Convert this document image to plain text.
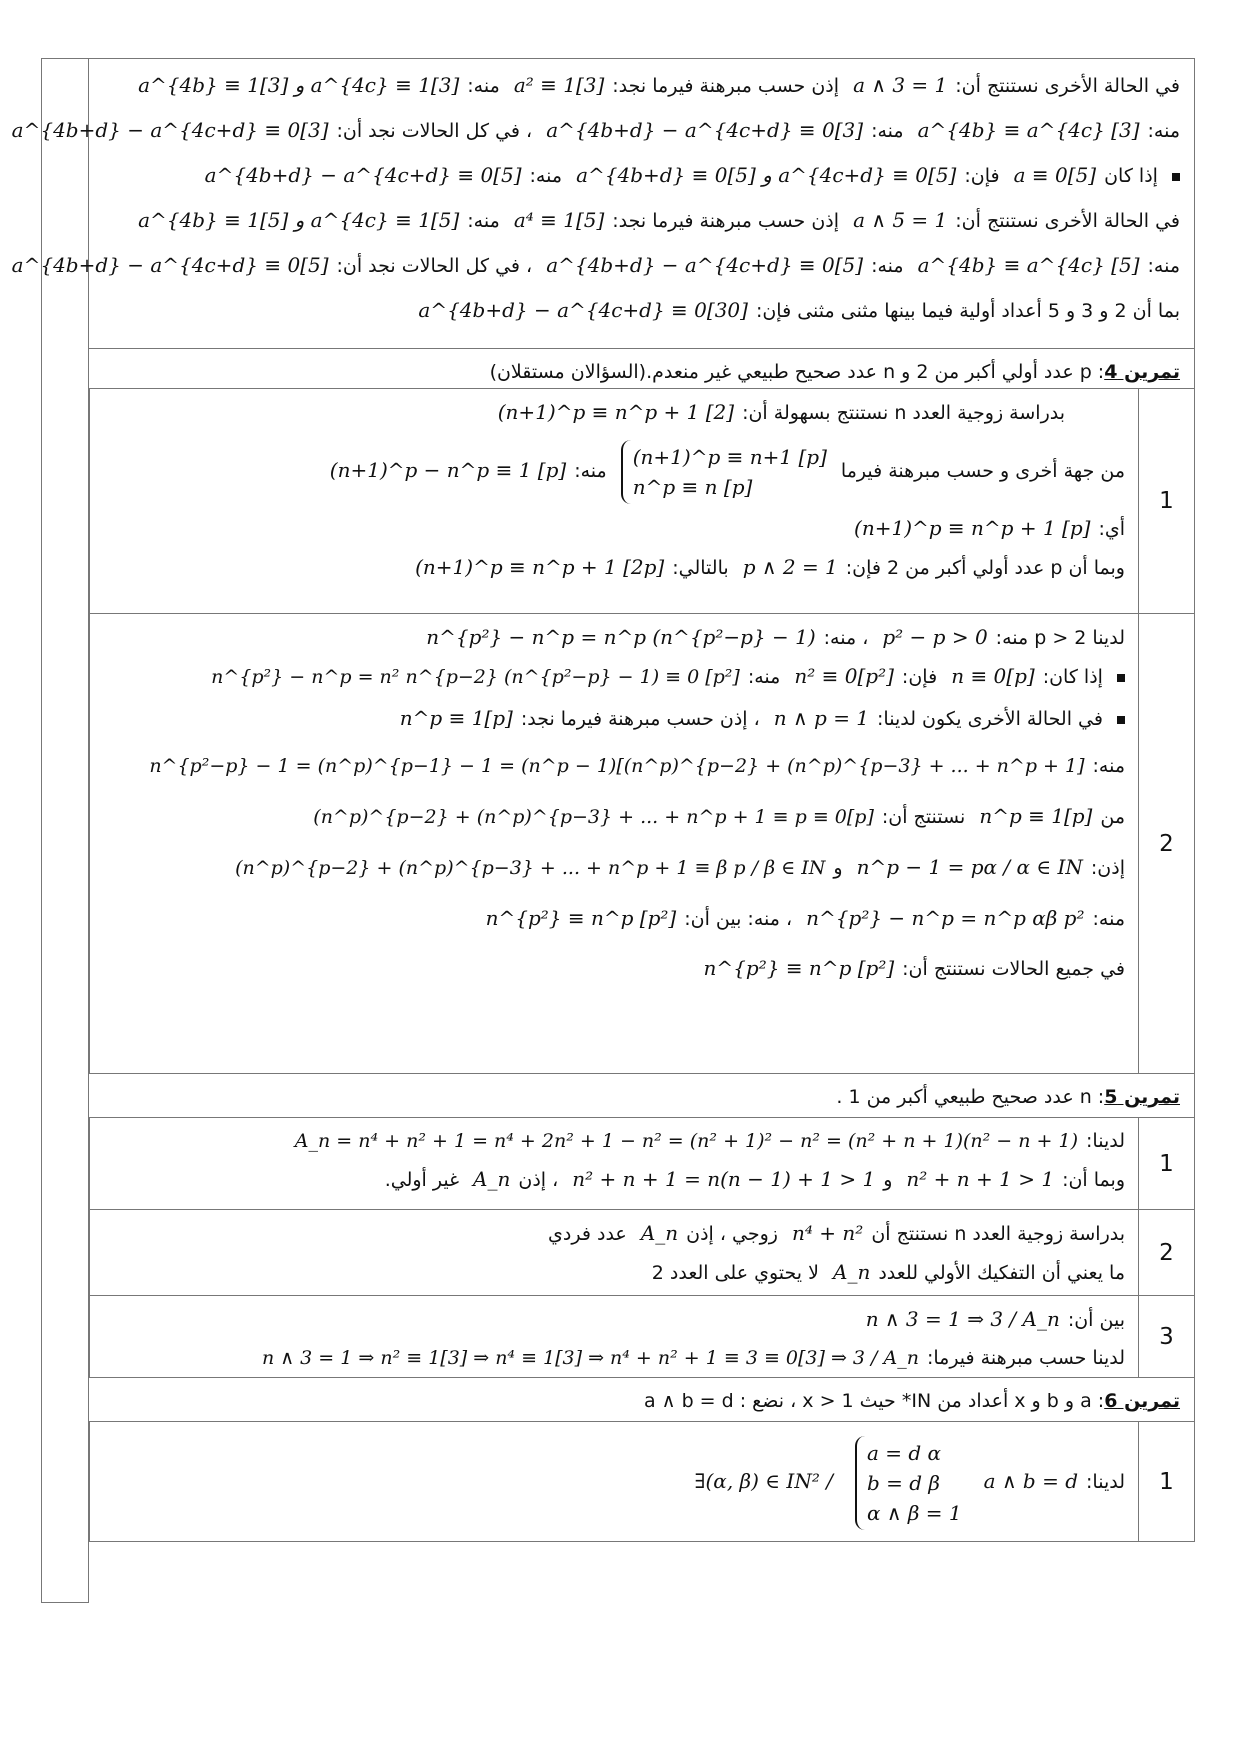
في الحالة الأخرى نستنتج أن:a ∧ 3 = 1 إذن حسب مبرهنة فيرما نجد:a² ≡ 1[3] منه:a^{4b} ≡ 1[3] و a^{4c} ≡ 1[3]
منه:a^{4b} ≡ a^{4c} [3] منه:a^{4b+d} − a^{4c+d} ≡ 0[3] ، في كل الحالات نجد أن:a^{4b+d} − a^{4c+d} ≡ 0[3]
إذا كانa ≡ 0[5] فإن:a^{4b+d} ≡ 0[5] و a^{4c+d} ≡ 0[5] منه:a^{4b+d} − a^{4c+d} ≡ 0[5]
في الحالة الأخرى نستنتج أن:a ∧ 5 = 1 إذن حسب مبرهنة فيرما نجد:a⁴ ≡ 1[5] منه:a^{4b} ≡ 1[5] و a^{4c} ≡ 1[5]
منه:a^{4b} ≡ a^{4c} [5] منه:a^{4b+d} − a^{4c+d} ≡ 0[5] ، في كل الحالات نجد أن:a^{4b+d} − a^{4c+d} ≡ 0[5]
بما أن 2 و 3 و 5 أعداد أولية فيما بينها مثنى مثنى فإن:a^{4b+d} − a^{4c+d} ≡ 0[30]
تمرين 4: p عدد أولي أكبر من 2 و n عدد صحيح طبيعي غير منعدم.(السؤالان مستقلان)
1
بدراسة زوجية العدد n نستنتج بسهولة أن:(n+1)^p ≡ n^p + 1 [2]
من جهة أخرى و حسب مبرهنة فيرما (n+1)^p ≡ n+1 [p]
n^p ≡ n [p] منه:(n+1)^p − n^p ≡ 1 [p]
أي:(n+1)^p ≡ n^p + 1 [p]
وبما أن p عدد أولي أكبر من 2 فإن:p ∧ 2 = 1 بالتالي:(n+1)^p ≡ n^p + 1 [2p]
2
لدينا p > 2 منه:p² − p > 0 ، منه:n^{p²} − n^p = n^p (n^{p²−p} − 1)
إذا كان:n ≡ 0[p] فإن:n² ≡ 0[p²] منه:n^{p²} − n^p = n² n^{p−2} (n^{p²−p} − 1) ≡ 0 [p²]
في الحالة الأخرى يكون لدينا:n ∧ p = 1 ، إذن حسب مبرهنة فيرما نجد:n^p ≡ 1[p]
منه:n^{p²−p} − 1 = (n^p)^{p−1} − 1 = (n^p − 1)[(n^p)^{p−2} + (n^p)^{p−3} + ... + n^p + 1]
منn^p ≡ 1[p] نستنتج أن:(n^p)^{p−2} + (n^p)^{p−3} + ... + n^p + 1 ≡ p ≡ 0[p]
إذن:n^p − 1 = pα / α ∈ IN و(n^p)^{p−2} + (n^p)^{p−3} + ... + n^p + 1 ≡ β p / β ∈ IN
منه:n^{p²} − n^p = n^p αβ p² ، منه: بين أن:n^{p²} ≡ n^p [p²]
في جميع الحالات نستنتج أن:n^{p²} ≡ n^p [p²]
تمرين 5: n عدد صحيح طبيعي أكبر من 1 .
1
لدينا:A_n = n⁴ + n² + 1 = n⁴ + 2n² + 1 − n² = (n² + 1)² − n² = (n² + n + 1)(n² − n + 1)
وبما أن:n² + n + 1 > 1 وn² + n + 1 = n(n − 1) + 1 > 1 ، إذنA_n غير أولي.
2
بدراسة زوجية العدد n نستنتج أنn⁴ + n² زوجي ، إذنA_n عدد فردي
ما يعني أن التفكيك الأولي للعددA_n لا يحتوي على العدد 2
3
بين أن:n ∧ 3 = 1 ⇒ 3 / A_n
لدينا حسب مبرهنة فيرما:n ∧ 3 = 1 ⇒ n² ≡ 1[3] ⇒ n⁴ ≡ 1[3] ⇒ n⁴ + n² + 1 ≡ 3 ≡ 0[3] ⇒ 3 / A_n
تمرين 6: a و b و x أعداد من IN* حيث x > 1 ، نضع : a ∧ b = d
1
لدينا:a ∧ b = d a = d α
b = d β
α ∧ β = 1 ∃(α, β) ∈ IN² /
